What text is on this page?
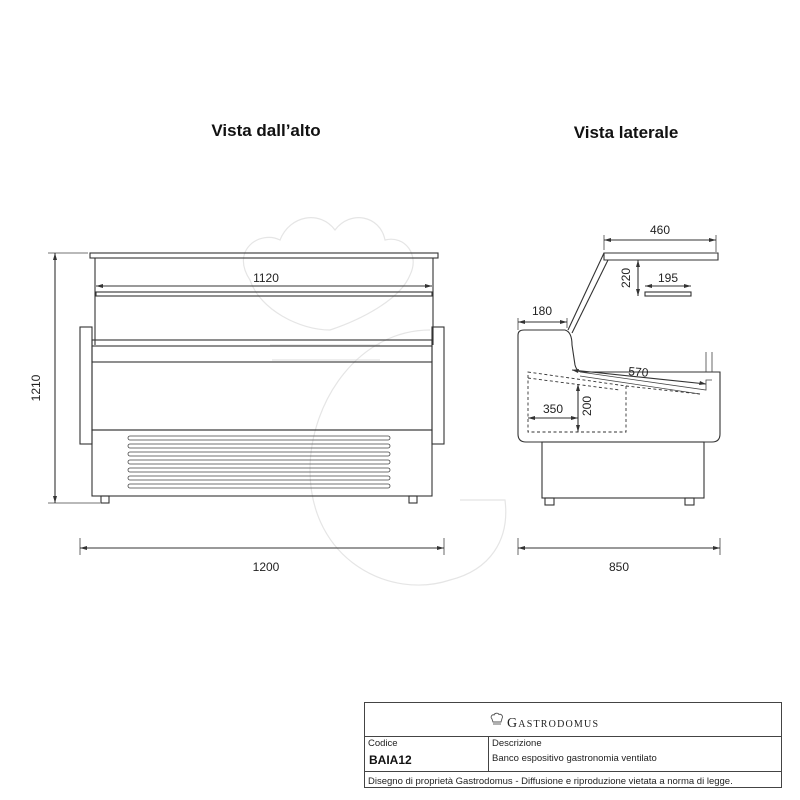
Vista dall’alto	Vista laterale
1120
1210
1200
460
220 195
180
570
350 200
850
Gastrodomus
Codice
BAIA12
Descrizione
Banco espositivo gastronomia ventilato
Disegno di proprietà Gastrodomus - Diffusione e riproduzione vietata a norma di legge.
